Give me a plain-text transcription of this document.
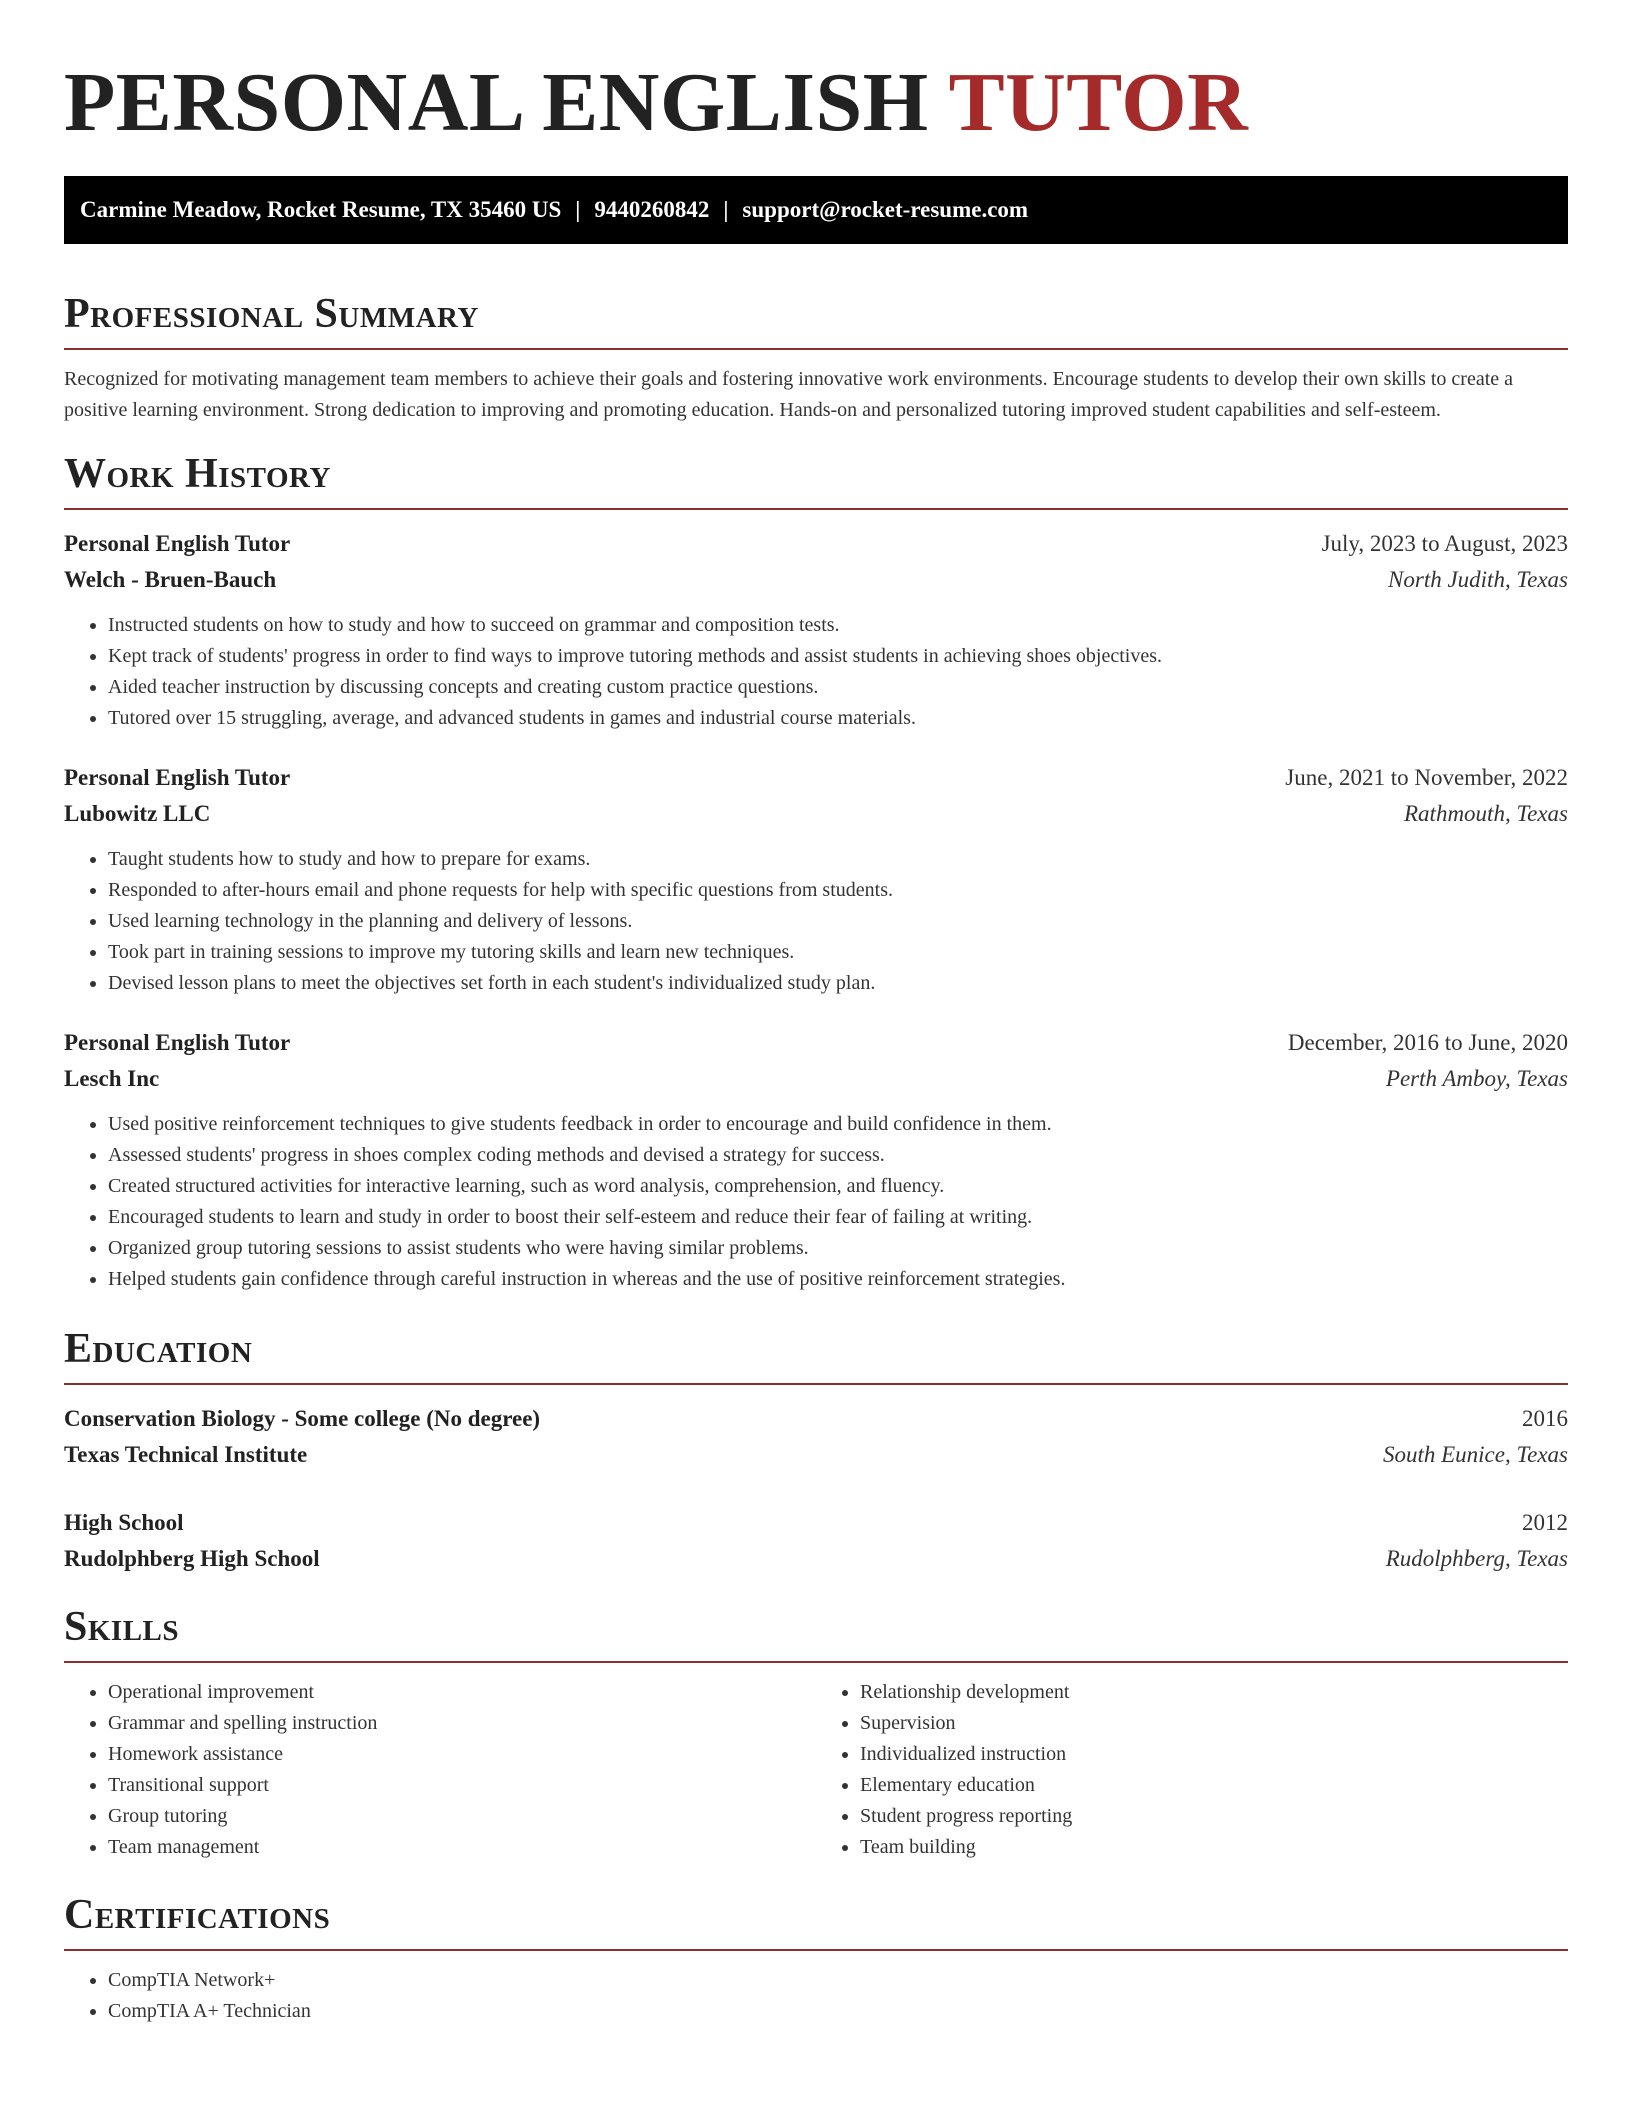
PERSONAL ENGLISH TUTOR
Carmine Meadow, Rocket Resume, TX 35460 US | 9440260842 | support@rocket-resume.com
Professional Summary

Recognized for motivating management team members to achieve their goals and fostering innovative work environments. Encourage students to develop their own skills to create a positive learning environment. Strong dedication to improving and promoting education. Hands-on and personalized tutoring improved student capabilities and self-esteem.

Work History
Personal English Tutor	July, 2023 to August, 2023
Welch - Bruen-Bauch	North Judith, Texas
• Instructed students on how to study and how to succeed on grammar and composition tests.
• Kept track of students' progress in order to find ways to improve tutoring methods and assist students in achieving shoes objectives.
• Aided teacher instruction by discussing concepts and creating custom practice questions.
• Tutored over 15 struggling, average, and advanced students in games and industrial course materials.
Personal English Tutor	June, 2021 to November, 2022
Lubowitz LLC	Rathmouth, Texas
• Taught students how to study and how to prepare for exams.
• Responded to after-hours email and phone requests for help with specific questions from students.
• Used learning technology in the planning and delivery of lessons.
• Took part in training sessions to improve my tutoring skills and learn new techniques.
• Devised lesson plans to meet the objectives set forth in each student's individualized study plan.
Personal English Tutor	December, 2016 to June, 2020
Lesch Inc	Perth Amboy, Texas
• Used positive reinforcement techniques to give students feedback in order to encourage and build confidence in them.
• Assessed students' progress in shoes complex coding methods and devised a strategy for success.
• Created structured activities for interactive learning, such as word analysis, comprehension, and fluency.
• Encouraged students to learn and study in order to boost their self-esteem and reduce their fear of failing at writing.
• Organized group tutoring sessions to assist students who were having similar problems.
• Helped students gain confidence through careful instruction in whereas and the use of positive reinforcement strategies.
Education
Conservation Biology - Some college (No degree)	2016
Texas Technical Institute	South Eunice, Texas
High School	2012
Rudolphberg High School	Rudolphberg, Texas
Skills
• Operational improvement
• Grammar and spelling instruction
• Homework assistance
• Transitional support
• Group tutoring
• Team management
• Relationship development
• Supervision
• Individualized instruction
• Elementary education
• Student progress reporting
• Team building
Certifications
• CompTIA Network+
• CompTIA A+ Technician
